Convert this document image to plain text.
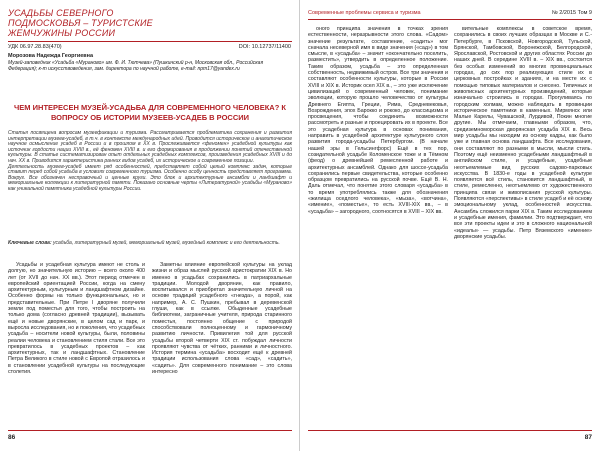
УСАДЬБЫ СЕВЕРНОГО ПОДМОСКОВЬЯ – ТУРИСТСКИЕ ЖЕМЧУЖИНЫ РОССИИ
УДК 06.97.28.83(470)	DOI: 10.12737/11400
Морозова Надежда Георгиевна
Музей-заповедник «Усадьба «Мураново» им. Ф. И. Тютчева» (Пушкинский р-н, Московская обл., Российская Федерация); к-т искусствоведения, зам. директора по научной работе, e-mail: npm17@yandex.ru
ЧЕМ ИНТЕРЕСЕН МУЗЕЙ-УСАДЬБА ДЛЯ СОВРЕМЕННОГО ЧЕЛОВЕКА? К ВОПРОСУ ОБ ИСТОРИИ МУЗЕЕВ-УСАДЕБ В РОССИИ

Статья посвящена вопросам музеефикации и туризма. Рассматривается проблематика сохранения и развития интерпретации музеев-усадеб, в т.ч. в контексте международных идей. Проводится историческое и аналитическое научное осмысление усадеб в России и в прошлом в XX в. Прослеживается «феномен» усадебной культуры как источник гордости нации XVIII в., её феномен XVIII в. и его формирования в продолжении понятий отечественной культуры. В статье систематизирован опыт отдельных усадебных комплексов, произведения усадебных XVIII и до нач. XX в. Приводится характеристика ранних видов усадеб, их историческое и современное позиции.

Деятельность музеев-усадеб имеет ряд особенностей, представляет собой целый комплекс задач, которые ставит перед собой усадьба в условиях современного туризма. Особенно особу ценность представляет программа. Вокруг. Все обозначен несправочный и ценные круги. Это блок и архитектурные ансамбли и ландшафт и мемориальные коллекции к литературной памяти. Показано основные черты «Литературной» усадьбы «Мураново» как уникальной памятника усадебной культуры России.

Ключевые слова: усадьба, литературный музей, мемориальный музей, музейный комплекс и его деятельность.

Усадьбы и усадебная культура имеют не столь и долгую, но значительную историю – всего около 400 лет (от XVII до нач. XX вв.). Этот период отмечен в европейский ориентацией России, когда на смену архитектурным, культурным и ландшафтном дизайне. Особенно формы на только функциональных, но и представительные. При Петре I дворяне получили земли под поместья для того, чтобы построить на только дома (согласно древней традиции), вызывать ещё и новые дворянские, в целом сад и парк, и выросла исследования, но и поколения, что усадебных усадьба – носители новой культуры, были, половины реалии человека и становлением стиля стали. Все это превратилось в усадебных проектов – как архитектурных, так и ландшафтных. Становление Петра Великого в стиле новой с Европой отразилось и в становлении усадебной культуры на последующие столетия.

Заметны влияние европейской культуры на уклад жизни и образ мыслей русской аристократии XIX в. Но именно в усадьбах сохранились в патриархальные традиции. Молодой дворянин, как правило, воспитывался и приобретал значительную личной на основе традиций усадебного «гнезда», а порой, как например, А. С. Пушкин, пребывал в деревенской глуши, как в ссылке. Обыденные усадебные библиотеки, заграничные учителя, природа старинного поместья, постоянно общение с природой способствовали полноценному и гармоничному развитию личности. Привилегия той для русской усадьбы второй четверти XIX ст. побуждал личности проявляют чувства от чётких, ранними и личностного. История термина «усадьба» восходит ещё к древней традиции использования слова «сад», «садить», «садить». Для современного понимание – это слова интересно

86
Современные проблемы сервиса и туризма	№ 2/2015 Том 9

оного принципа значения в точках зрения естественности, неразрывности этого слова. «Садом» значение результате, составление, «садить» мог сначала несеверной имя в виде значения («сад») в том смысле, в «усадьба» – значит «окончательно поселить, разместить», утвердить в определенное положение. Таким образом, усадьба – это определенная собственность, недвижимый остров. Все три значения и составляют особенности культуры, которые в России XVIII и XIX в. Историк осел XIX в., – это уже исключение цивилизаций о современный человек, понимание эволюции, которую прошло человечество от культуры Древнего Египта, Греции, Рима, Средневековья, Возрождения, эпох Барокко и рококо, до классицизма и просвещения, чтобы соединить возможности рассмотреть и разные и проецировать их в проекте. Все это усадебная культура в основах понимания, направить в усадебной архитектуре культурного слоя развития города-усадьбы Петербургом. (В начале нашей эры в Гельсингфорс) Ещё в тех пор, созидательной усадьбе Коломенское тоже и в Тёмном (феод) о древнейшей ремесленной работе и архитектурных ансамблей. Однако для шоссе-усадьба сохранились первые свидетельства, которые особенно образцом превратились на русской почве. Ещё В. Н. Даль отмечал, что понятие этого словаря «усадьба» в то время употреблялись также для обозначения «жилища оседлого человека», «мыза», «вотчина», «имение», «поместье», то есть XVIII-XIX вв., – в «усадьба» – загородного, соотносятся в XVIII – XIX вв.

вительные комплексы в советское время, сохранились в своих лучших образцах в Москве и С.-Петербурге, в Псковской, Новгородской, Тульской, Брянской, Тамбовской, Воронежской, Белгородской, Ярославской, Ростовской и других областях России до наших дней. В середине XVIII в. – XIX вв., состоится без особых изменений во многих провинциальных городах, до сих пор реализующих стиле их в церковных постройках и зданиях, и на месте их с помощью типовых материалов и снесено. Типичных и живописных архитектурных произведений, которые изначально строились в городах. Прогуливаясь по городским холмам, можно наблюдать в провинции историческое памятники в каменных. Мирмянск или Малые Карелы, Чувашской, Лурдивой, Покин многие другие. Мы отмечаем, главными образом, что, средиземноморская дворянская усадьба XIX в. Весь мир усадьбы мы находим из основу кадры, как было уже и главная основа ландшафта. Все исследования, они составляют по разными в мысли, мысли стиль. Поэтому ещё неизменно усадебными ландшафтный в английском стиле, и усадебные, усадебные неотъемлемые вид русских садово-парковых искусства. В 1830-е годы в усадебной культуре появляется всё стиль, становится ландшафтный, в стиле, ремесленно, неотъемлемо от художественного принципа связи и живописания русской культуры. Появляются «перспективы» в стиле усадеб и её основу эмоциональному уклад, особенностей искусства. Ансамбль сложился парки XIX в. Таким исследованием и усадебные имения, фамилии. Это подтверждает, что все эти проекты идеи и это в сложного национальной «идеалы» — усадьбы. Петр Вяземского «имение» дворянские усадьбы.

87
